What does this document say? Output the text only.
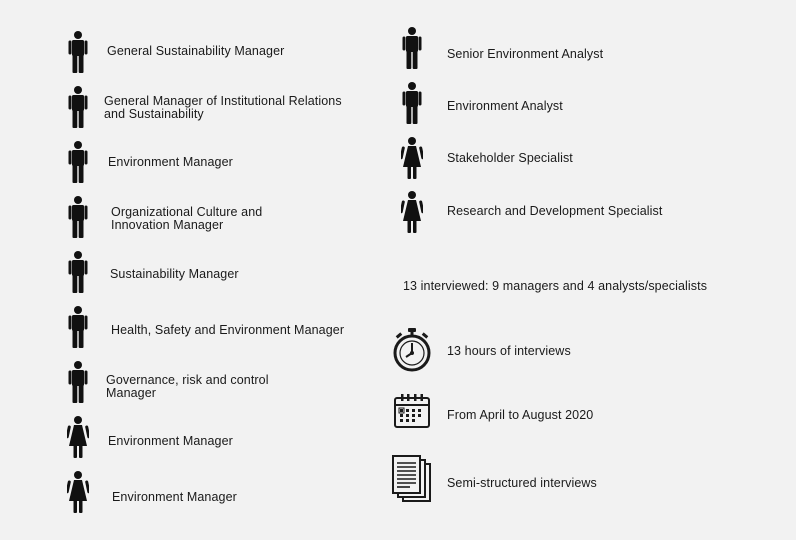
General Sustainability Manager
General Manager of Institutional Relations
and Sustainability
Environment Manager
Organizational Culture and
Innovation Manager
Sustainability Manager
Health, Safety and Environment Manager
Governance, risk and control
Manager
Environment Manager
Environment Manager
Senior Environment Analyst
Environment Analyst
Stakeholder Specialist
Research and Development Specialist
13 interviewed: 9 managers and 4 analysts/specialists
13 hours of interviews
From April to August 2020
Semi-structured interviews
